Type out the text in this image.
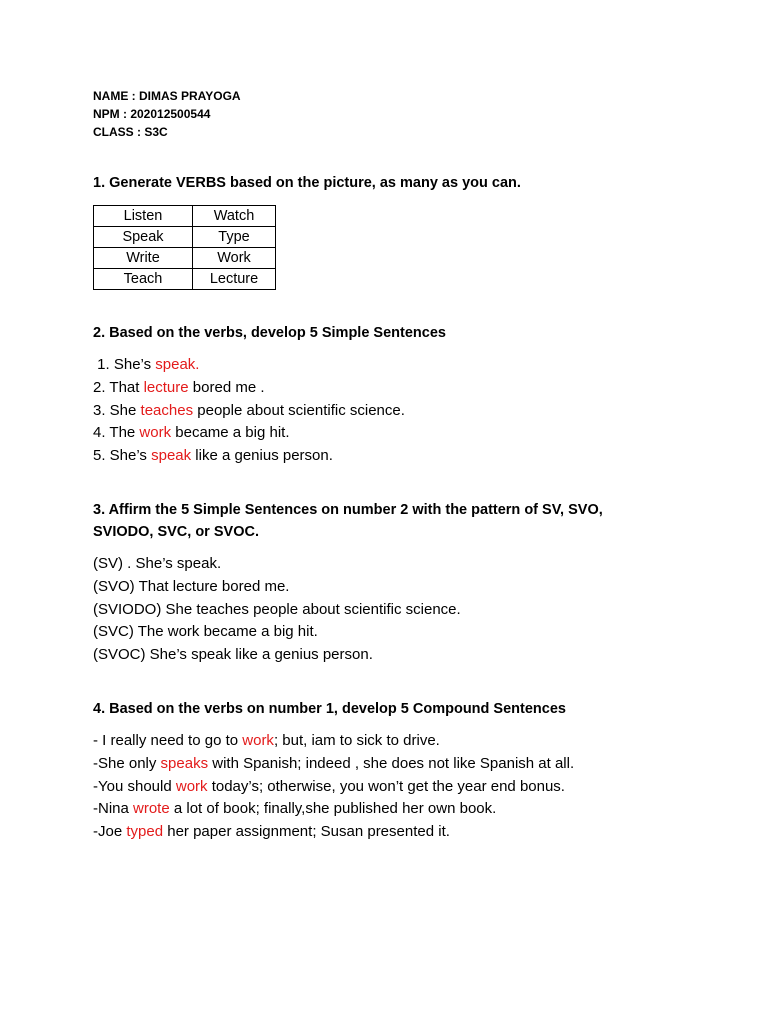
NAME : DIMAS PRAYOGA
NPM : 202012500544
CLASS : S3C
1. Generate VERBS based on the picture, as many as you can.
Listen	Watch
Speak	Type
Write	Work
Teach	Lecture
2. Based on the verbs, develop 5 Simple Sentences
1. She’s speak.
2. That lecture bored me .
3. She teaches people about scientific science.
4. The work became a big hit.
5. She’s speak like a genius person.
3. Affirm the 5 Simple Sentences on number 2 with the pattern of SV, SVO,
SVIODO, SVC, or SVOC.
(SV) . She’s speak.
(SVO) That lecture bored me.
(SVIODO) She teaches people about scientific science.
(SVC) The work became a big hit.
(SVOC) She’s speak like a genius person.
4. Based on the verbs on number 1, develop 5 Compound Sentences
- I really need to go to work; but, iam to sick to drive.
-She only speaks with Spanish; indeed , she does not like Spanish at all.
-You should work today’s; otherwise, you won’t get the year end bonus.
-Nina wrote a lot of book; finally,she published her own book.
-Joe typed her paper assignment; Susan presented it.
